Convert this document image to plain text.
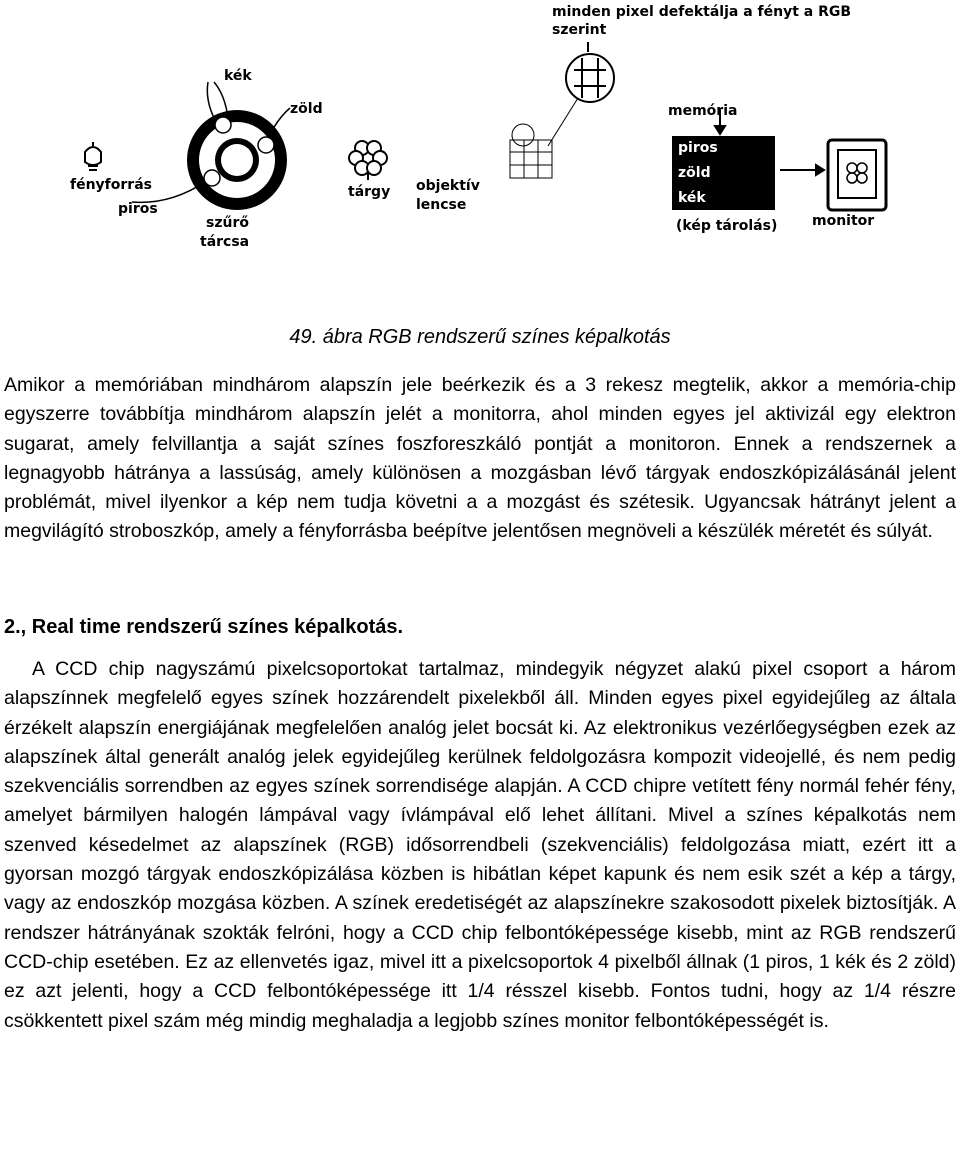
minden pixel defektálja a fényt a RGB
szerint
kék
zöld
fényforrás
piros
szűrő
tárcsa
tárgy objektív
lencse
memória
piros
zöld
kék
(kép tárolás) monitor
49. ábra RGB rendszerű színes képalkotás
Amikor a memóriában mindhárom alapszín jele beérkezik és a 3 rekesz megtelik, akkor a memória-chip egyszerre továbbítja mindhárom alapszín jelét a monitorra, ahol minden egyes jel aktivizál egy elektron sugarat, amely felvillantja a saját színes foszforeszkáló pontját a monitoron. Ennek a rendszernek a legnagyobb hátránya a lassúság, amely különösen a mozgásban lévő tárgyak endoszkópizálásánál jelent problémát, mivel ilyenkor a kép nem tudja követni a a mozgást és szétesik. Ugyancsak hátrányt jelent a megvilágító stroboszkóp, amely a fényforrásba beépítve jelentősen megnöveli a készülék méretét és súlyát.
2., Real time rendszerű színes képalkotás.
A CCD chip nagyszámú pixelcsoportokat tartalmaz, mindegyik négyzet alakú pixel csoport a három alapszínnek megfelelő egyes színek hozzárendelt pixelekből áll. Minden egyes pixel egyidejűleg az általa érzékelt alapszín energiájának megfelelően analóg jelet bocsát ki. Az elektronikus vezérlőegységben ezek az alapszínek által generált analóg jelek egyidejűleg kerülnek feldolgozásra kompozit videojellé, és nem pedig szekvenciális sorrendben az egyes színek sorrendisége alapján. A CCD chipre vetített fény normál fehér fény, amelyet bármilyen halogén lámpával vagy ívlámpával elő lehet állítani. Mivel a színes képalkotás nem szenved késedelmet az alapszínek (RGB) idősorrendbeli (szekvenciális) feldolgozása miatt, ezért itt a gyorsan mozgó tárgyak endoszkópizálása közben is hibátlan képet kapunk és nem esik szét a kép a tárgy, vagy az endoszkóp mozgása közben. A színek eredetiségét az alapszínekre szakosodott pixelek biztosítják. A rendszer hátrányának szokták felróni, hogy a CCD chip felbontóképessége kisebb, mint az RGB rendszerű CCD-chip esetében. Ez az ellenvetés igaz, mivel itt a pixelcsoportok 4 pixelből állnak (1 piros, 1 kék és 2 zöld) ez azt jelenti, hogy a CCD felbontóképessége itt 1/4 résszel kisebb. Fontos tudni, hogy az 1/4 részre csökkentett pixel szám még mindig meghaladja a legjobb színes monitor felbontóképességét is.
